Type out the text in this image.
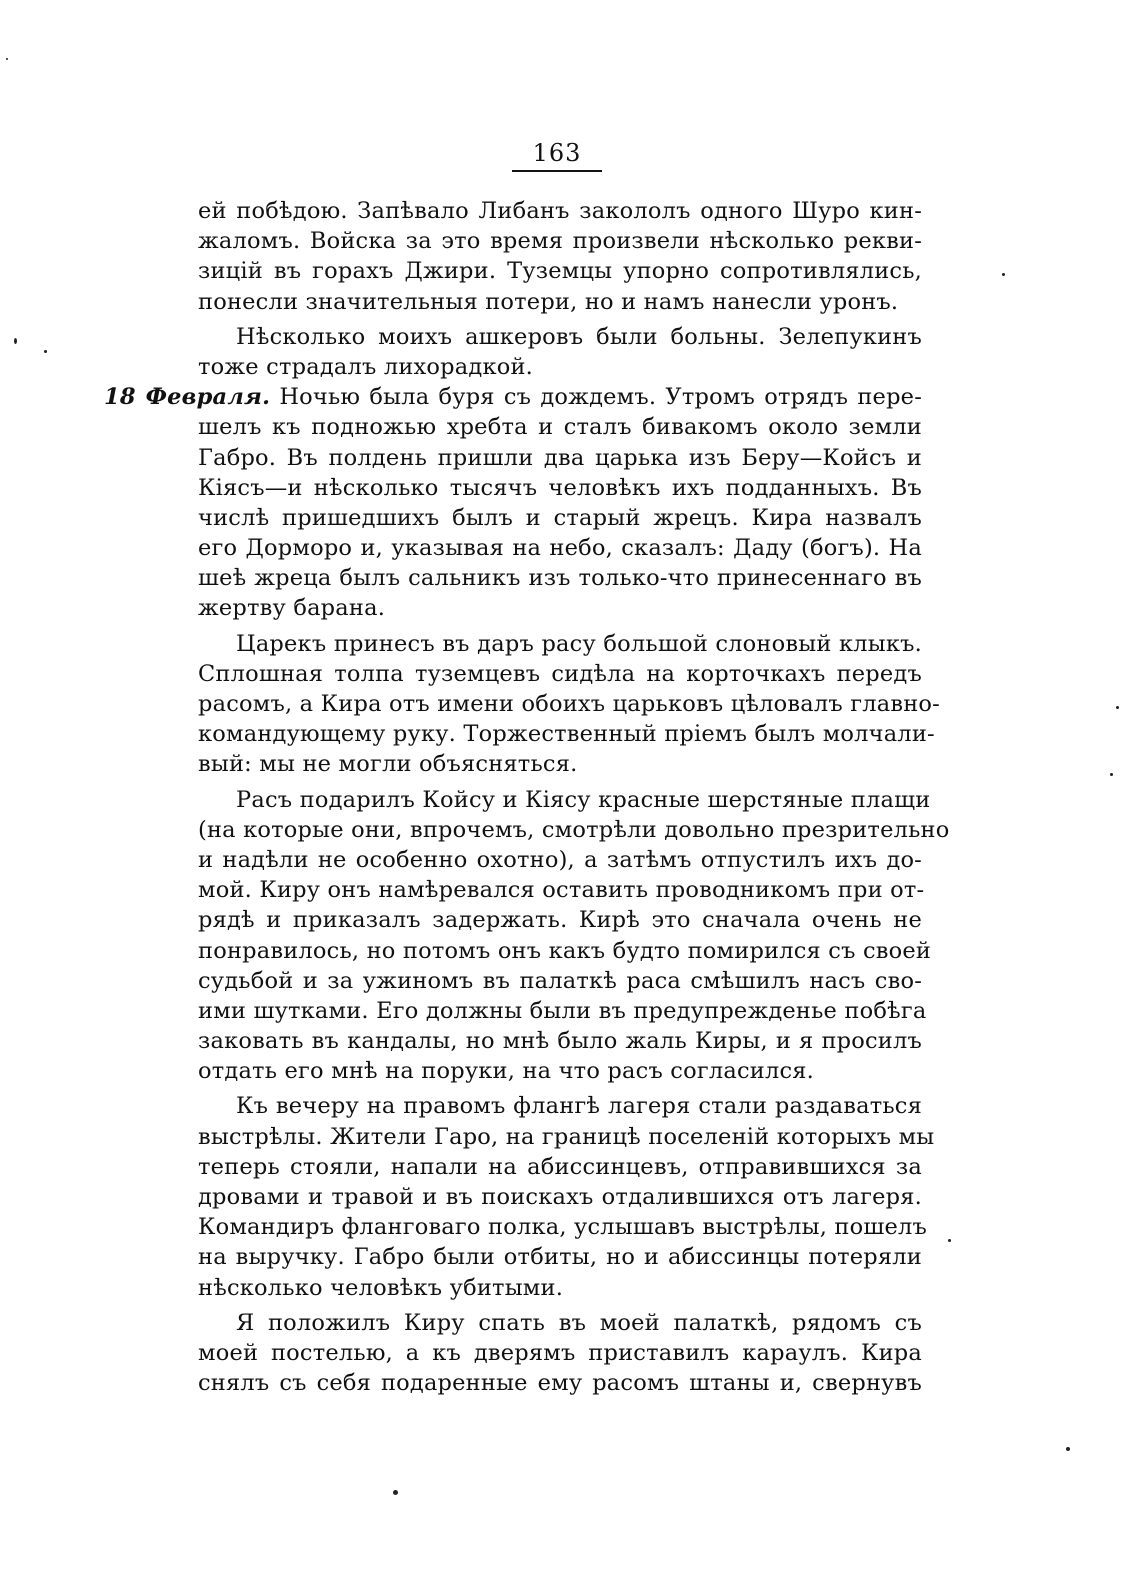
163
ей побѣдою. Запѣвало Либанъ закололъ одного Шуро кин-
жаломъ. Войска за это время произвели нѣсколько рекви-
зицій въ горахъ Джири. Туземцы упорно сопротивлялись,
понесли значительныя потери, но и намъ нанесли уронъ.
Нѣсколько моихъ ашкеровъ были больны. Зелепукинъ
тоже страдалъ лихорадкой.
18 Февраля. Ночью была буря съ дождемъ. Утромъ отрядъ пере-
шелъ къ подножью хребта и сталъ бивакомъ около земли
Габро. Въ полдень пришли два царька изъ Беру—Койсъ и
Кіясъ—и нѣсколько тысячъ человѣкъ ихъ подданныхъ. Въ
числѣ пришедшихъ былъ и старый жрецъ. Кира назвалъ
его Дорморо и, указывая на небо, сказалъ: Даду (богъ). На
шеѣ жреца былъ сальникъ изъ только-что принесеннаго въ
жертву барана.
Царекъ принесъ въ даръ расу большой слоновый клыкъ.
Сплошная толпа туземцевъ сидѣла на корточкахъ передъ
расомъ, а Кира отъ имени обоихъ царьковъ цѣловалъ главно-
командующему руку. Торжественный пріемъ былъ молчали-
вый: мы не могли объясняться.
Расъ подарилъ Койсу и Кіясу красные шерстяные плащи
(на которые они, впрочемъ, смотрѣли довольно презрительно
и надѣли не особенно охотно), а затѣмъ отпустилъ ихъ до-
мой. Киру онъ намѣревался оставить проводникомъ при от-
рядѣ и приказалъ задержать. Кирѣ это сначала очень не
понравилось, но потомъ онъ какъ будто помирился съ своей
судьбой и за ужиномъ въ палаткѣ раса смѣшилъ насъ сво-
ими шутками. Его должны были въ предупрежденье побѣга
заковать въ кандалы, но мнѣ было жаль Киры, и я просилъ
отдать его мнѣ на поруки, на что расъ согласился.
Къ вечеру на правомъ флангѣ лагеря стали раздаваться
выстрѣлы. Жители Гаро, на границѣ поселеній которыхъ мы
теперь стояли, напали на абиссинцевъ, отправившихся за
дровами и травой и въ поискахъ отдалившихся отъ лагеря.
Командиръ фланговаго полка, услышавъ выстрѣлы, пошелъ
на выручку. Габро были отбиты, но и абиссинцы потеряли
нѣсколько человѣкъ убитыми.
Я положилъ Киру спать въ моей палаткѣ, рядомъ съ
моей постелью, а къ дверямъ приставилъ караулъ. Кира
снялъ съ себя подаренные ему расомъ штаны и, свернувъ
